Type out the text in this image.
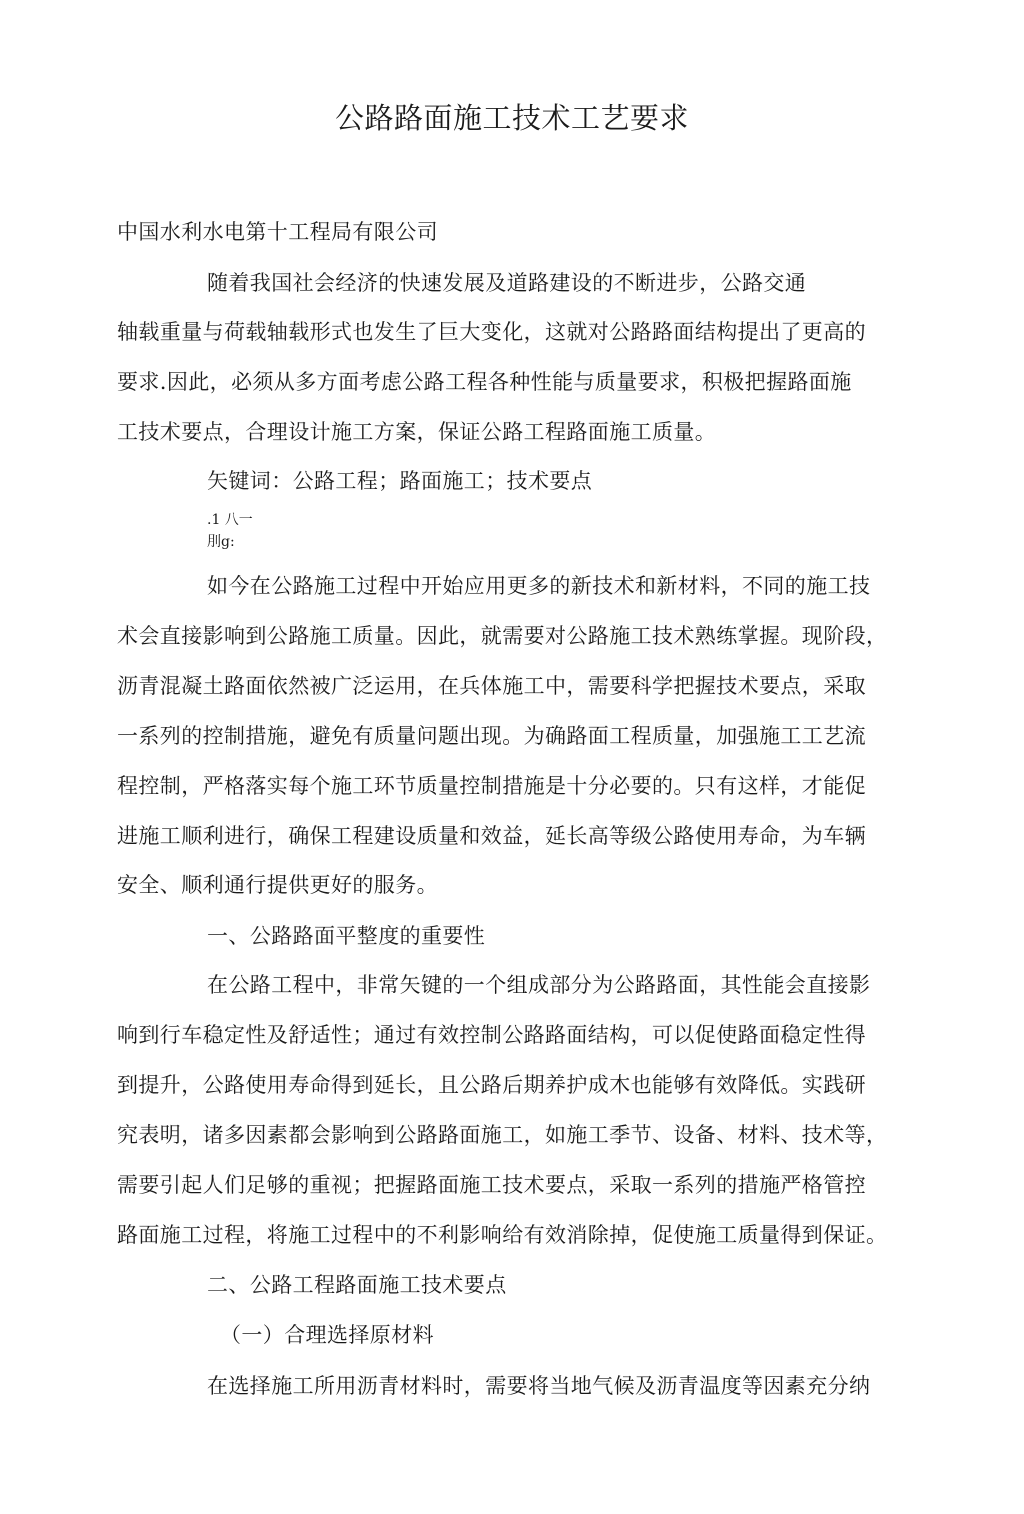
公路路面施工技术工艺要求
中国水利水电第十工程局有限公司
随着我国社会经济的快速发展及道路建设的不断进步，公路交通
轴载重量与荷载轴载形式也发生了巨大变化，这就对公路路面结构提出了更高的
要求.因此，必须从多方面考虑公路工程各种性能与质量要求，积极把握路面施
工技术要点，合理设计施工方案，保证公路工程路面施工质量。
矢键词：公路工程；路面施工；技术要点
.1 八一
刖g:
如今在公路施工过程中开始应用更多的新技术和新材料，不同的施工技
术会直接影响到公路施工质量。因此，就需要对公路施工技术熟练掌握。现阶段，
沥青混凝土路面依然被广泛运用，在兵体施工中，需要科学把握技术要点，采取
一系列的控制措施，避免有质量问题出现。为确路面工程质量，加强施工工艺流
程控制，严格落实每个施工环节质量控制措施是十分必要的。只有这样，才能促
进施工顺利进行，确保工程建设质量和效益，延长高等级公路使用寿命，为车辆
安全、顺利通行提供更好的服务。
一、公路路面平整度的重要性
在公路工程中，非常矢键的一个组成部分为公路路面，其性能会直接影
响到行车稳定性及舒适性；通过有效控制公路路面结构，可以促使路面稳定性得
到提升，公路使用寿命得到延长，且公路后期养护成木也能够有效降低。实践研
究表明，诸多因素都会影响到公路路面施工，如施工季节、设备、材料、技术等，
需要引起人们足够的重视；把握路面施工技术要点，采取一系列的措施严格管控
路面施工过程，将施工过程中的不利影响给有效消除掉，促使施工质量得到保证。
二、公路工程路面施工技术要点
（一）合理选择原材料
在选择施工所用沥青材料时，需要将当地气候及沥青温度等因素充分纳
